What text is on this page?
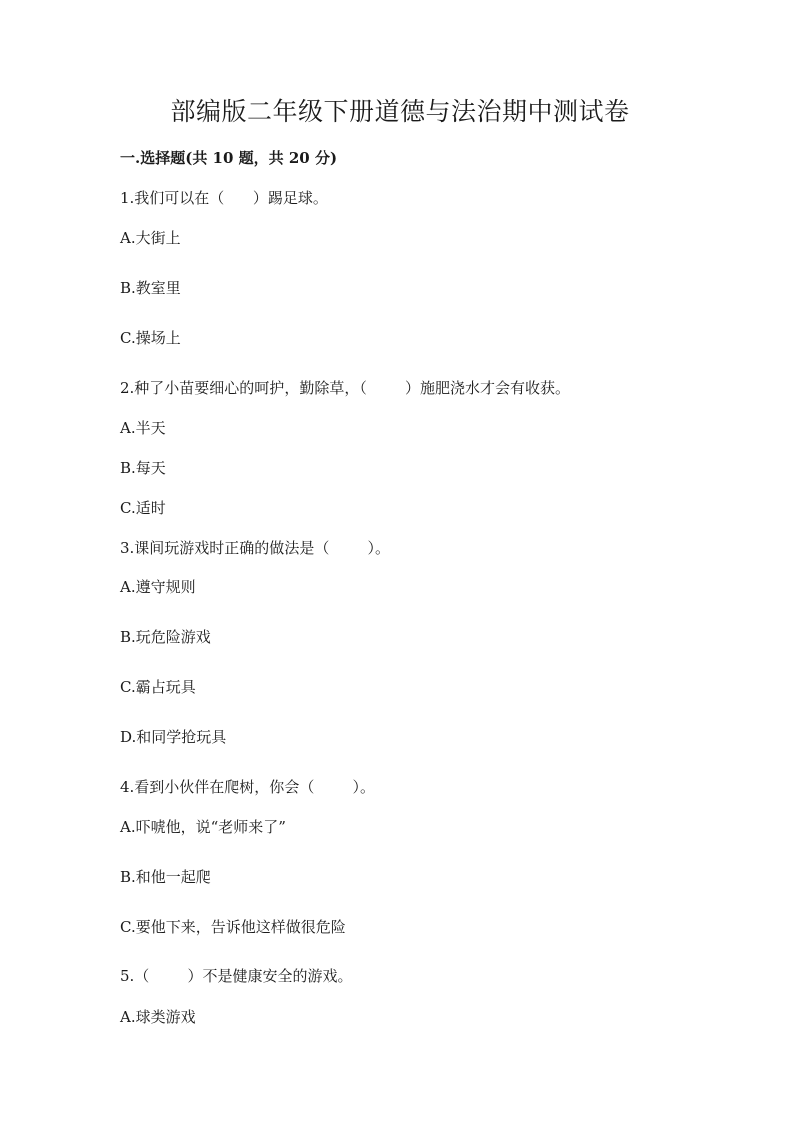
部编版二年级下册道德与法治期中测试卷
一.选择题(共 10 题，共 20 分)
1.我们可以在（      ）踢足球。
A.大街上
B.教室里
C.操场上
2.种了小苗要细心的呵护，勤除草，（        ）施肥浇水才会有收获。
A.半天
B.每天
C.适时
3.课间玩游戏时正确的做法是（        ）。
A.遵守规则
B.玩危险游戏
C.霸占玩具
D.和同学抢玩具
4.看到小伙伴在爬树，你会（        ）。
A.吓唬他，说“老师来了”
B.和他一起爬
C.要他下来，告诉他这样做很危险
5.（        ）不是健康安全的游戏。
A.球类游戏
